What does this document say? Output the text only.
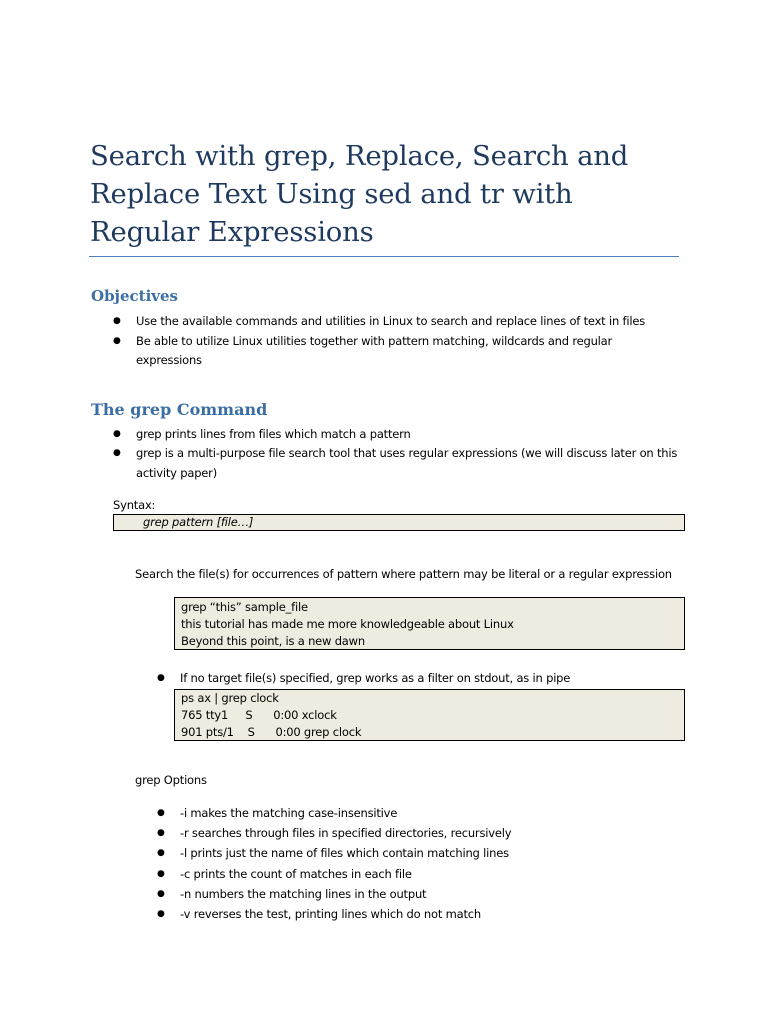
Search with grep, Replace, Search and
Replace Text Using sed and tr with
Regular Expressions
Objectives
● Use the available commands and utilities in Linux to search and replace lines of text in files
● Be able to utilize Linux utilities together with pattern matching, wildcards and regular
expressions
The grep Command
● grep prints lines from files which match a pattern
● grep is a multi-purpose file search tool that uses regular expressions (we will discuss later on this
activity paper)
Syntax:
grep pattern [file…]
Search the file(s) for occurrences of pattern where pattern may be literal or a regular expression
grep “this” sample_file
this tutorial has made me more knowledgeable about Linux
Beyond this point, is a new dawn
● If no target file(s) specified, grep works as a filter on stdout, as in pipe
ps ax | grep clock
765 tty1     S      0:00 xclock
901 pts/1    S      0:00 grep clock
grep Options
● -i makes the matching case-insensitive
● -r searches through files in specified directories, recursively
● -l prints just the name of files which contain matching lines
● -c prints the count of matches in each file
● -n numbers the matching lines in the output
● -v reverses the test, printing lines which do not match
